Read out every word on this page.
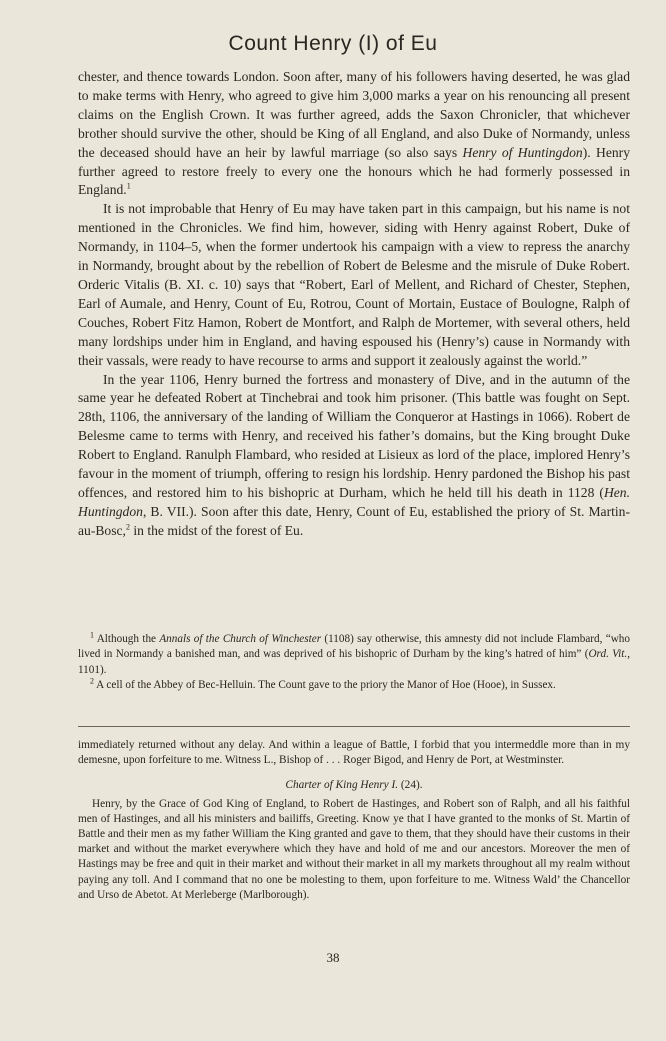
Count Henry (I) of Eu

chester, and thence towards London. Soon after, many of his followers having deserted, he was glad to make terms with Henry, who agreed to give him 3,000 marks a year on his renouncing all present claims on the English Crown. It was further agreed, adds the Saxon Chronicler, that whichever brother should survive the other, should be King of all England, and also Duke of Normandy, unless the deceased should have an heir by lawful marriage (so also says Henry of Huntingdon). Henry further agreed to restore freely to every one the honours which he had formerly possessed in England.$^1$

It is not improbable that Henry of Eu may have taken part in this campaign, but his name is not mentioned in the Chronicles. We find him, however, siding with Henry against Robert, Duke of Normandy, in 1104–5, when the former undertook his campaign with a view to repress the anarchy in Normandy, brought about by the rebellion of Robert de Belesme and the misrule of Duke Robert. Orderic Vitalis (B. XI. c. 10) says that “Robert, Earl of Mellent, and Richard of Chester, Stephen, Earl of Aumale, and Henry, Count of Eu, Rotrou, Count of Mortain, Eustace of Boulogne, Ralph of Couches, Robert Fitz Hamon, Robert de Montfort, and Ralph de Mortemer, with several others, held many lordships under him in England, and having espoused his (Henry’s) cause in Normandy with their vassals, were ready to have recourse to arms and support it zealously against the world.”

In the year 1106, Henry burned the fortress and monastery of Dive, and in the autumn of the same year he defeated Robert at Tinchebrai and took him prisoner. (This battle was fought on Sept. 28th, 1106, the anniversary of the landing of William the Conqueror at Hastings in 1066). Robert de Belesme came to terms with Henry, and received his father’s domains, but the King brought Duke Robert to England. Ranulph Flambard, who resided at Lisieux as lord of the place, implored Henry’s favour in the moment of triumph, offering to resign his lordship. Henry pardoned the Bishop his past offences, and restored him to his bishopric at Durham, which he held till his death in 1128 (Hen. Huntingdon, B. VII.). Soon after this date, Henry, Count of Eu, established the priory of St. Martin-au-Bosc,$^2$ in the midst of the forest of Eu.

$^1$ Although the Annals of the Church of Winchester (1108) say otherwise, this amnesty did not include Flambard, “who lived in Normandy a banished man, and was deprived of his bishopric of Durham by the king’s hatred of him” (Ord. Vit., 1101).

$^2$ A cell of the Abbey of Bec-Helluin. The Count gave to the priory the Manor of Hoe (Hooe), in Sussex.

immediately returned without any delay. And within a league of Battle, I forbid that you intermeddle more than in my demesne, upon forfeiture to me. Witness L., Bishop of . . . Roger Bigod, and Henry de Port, at Westminster.

Charter of King Henry I. (24).

Henry, by the Grace of God King of England, to Robert de Hastinges, and Robert son of Ralph, and all his faithful men of Hastinges, and all his ministers and bailiffs, Greeting. Know ye that I have granted to the monks of St. Martin of Battle and their men as my father William the King granted and gave to them, that they should have their customs in their market and without the market everywhere which they have and hold of me and our ancestors. Moreover the men of Hastings may be free and quit in their market and without their market in all my markets throughout all my realm without paying any toll. And I command that no one be molesting to them, upon forfeiture to me. Witness Wald’ the Chancellor and Urso de Abetot. At Merleberge (Marlborough).

38
